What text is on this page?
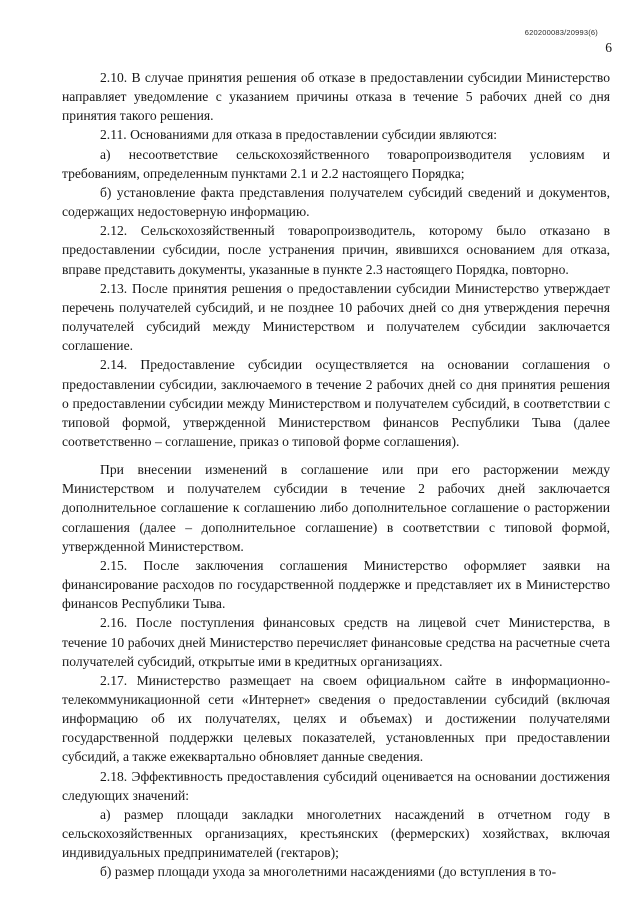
620200083/20993(6)
6

2.10. В случае принятия решения об отказе в предоставлении субсидии Министерство направляет уведомление с указанием причины отказа в течение 5 рабочих дней со дня принятия такого решения.

2.11. Основаниями для отказа в предоставлении субсидии являются:

а) несоответствие сельскохозяйственного товаропроизводителя условиям и требованиям, определенным пунктами 2.1 и 2.2 настоящего Порядка;

б) установление факта представления получателем субсидий сведений и документов, содержащих недостоверную информацию.

2.12. Сельскохозяйственный товаропроизводитель, которому было отказано в предоставлении субсидии, после устранения причин, явившихся основанием для отказа, вправе представить документы, указанные в пункте 2.3 настоящего Порядка, повторно.

2.13. После принятия решения о предоставлении субсидии Министерство утверждает перечень получателей субсидий, и не позднее 10 рабочих дней со дня утверждения перечня получателей субсидий между Министерством и получателем субсидии заключается соглашение.

2.14. Предоставление субсидии осуществляется на основании соглашения о предоставлении субсидии, заключаемого в течение 2 рабочих дней со дня принятия решения о предоставлении субсидии между Министерством и получателем субсидий, в соответствии с типовой формой, утвержденной Министерством финансов Республики Тыва (далее соответственно – соглашение, приказ о типовой форме соглашения).

При внесении изменений в соглашение или при его расторжении между Министерством и получателем субсидии в течение 2 рабочих дней заключается дополнительное соглашение к соглашению либо дополнительное соглашение о расторжении соглашения (далее – дополнительное соглашение) в соответствии с типовой формой, утвержденной Министерством.

2.15. После заключения соглашения Министерство оформляет заявки на финансирование расходов по государственной поддержке и представляет их в Министерство финансов Республики Тыва.

2.16. После поступления финансовых средств на лицевой счет Министерства, в течение 10 рабочих дней Министерство перечисляет финансовые средства на расчетные счета получателей субсидий, открытые ими в кредитных организациях.

2.17. Министерство размещает на своем официальном сайте в информационно-телекоммуникационной сети «Интернет» сведения о предоставлении субсидий (включая информацию об их получателях, целях и объемах) и достижении получателями государственной поддержки целевых показателей, установленных при предоставлении субсидий, а также ежеквартально обновляет данные сведения.

2.18. Эффективность предоставления субсидий оценивается на основании достижения следующих значений:

а) размер площади закладки многолетних насаждений в отчетном году в сельскохозяйственных организациях, крестьянских (фермерских) хозяйствах, включая индивидуальных предпринимателей (гектаров);

б) размер площади ухода за многолетними насаждениями (до вступления в то-
